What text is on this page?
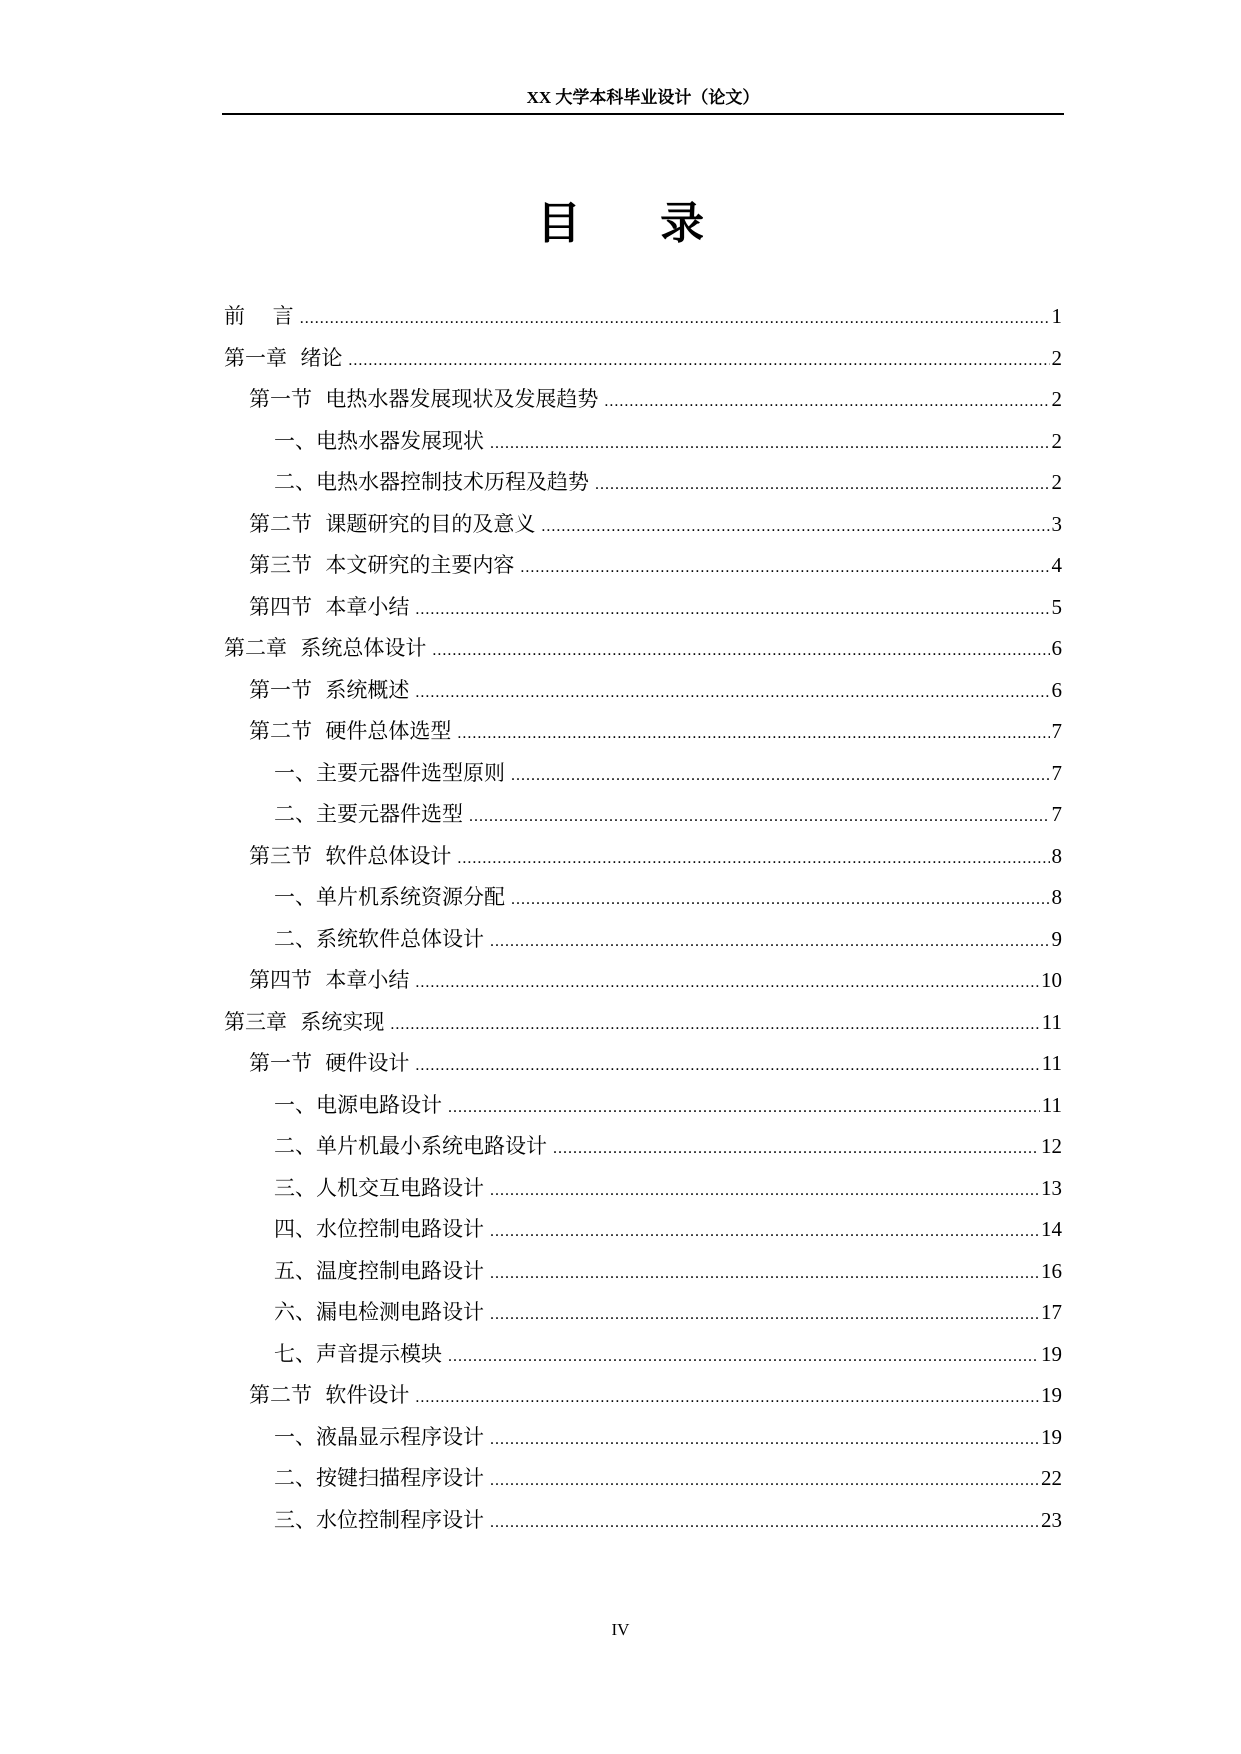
XX 大学本科毕业设计（论文）
目 录
前　 言 .....	1
第一章  绪论 .....	2
第一节  电热水器发展现状及发展趋势 .....	2
一、电热水器发展现状 .....	2
二、电热水器控制技术历程及趋势 .....	2
第二节  课题研究的目的及意义 .....	3
第三节  本文研究的主要内容 .....	4
第四节  本章小结 .....	5
第二章  系统总体设计 .....	6
第一节  系统概述 .....	6
第二节  硬件总体选型 .....	7
一、主要元器件选型原则 .....	7
二、主要元器件选型 .....	7
第三节  软件总体设计 .....	8
一、单片机系统资源分配 .....	8
二、系统软件总体设计 .....	9
第四节  本章小结 .....	10
第三章  系统实现 .....	11
第一节  硬件设计 .....	11
一、电源电路设计 .....	11
二、单片机最小系统电路设计 .....	12
三、人机交互电路设计 .....	13
四、水位控制电路设计 .....	14
五、温度控制电路设计 .....	16
六、漏电检测电路设计 .....	17
七、声音提示模块 .....	19
第二节  软件设计 .....	19
一、液晶显示程序设计 .....	19
二、按键扫描程序设计 .....	22
三、水位控制程序设计 .....	23
IV
